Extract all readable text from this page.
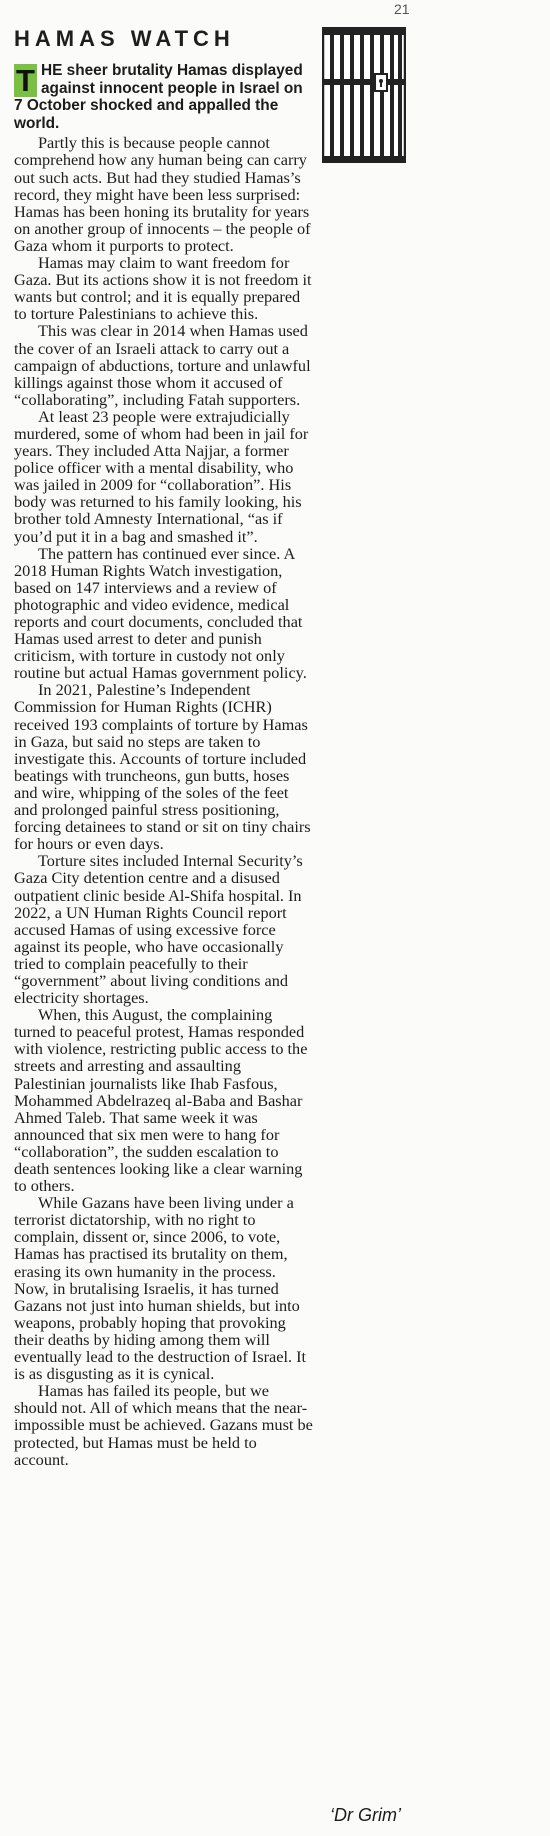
21
HAMAS WATCH
T HE sheer brutality Hamas displayed against innocent people in Israel on 7 October shocked and appalled the world.

Partly this is because people cannot comprehend how any human being can carry out such acts. But had they studied Hamas’s record, they might have been less surprised: Hamas has been honing its brutality for years on another group of innocents – the people of Gaza whom it purports to protect.

Hamas may claim to want freedom for Gaza. But its actions show it is not freedom it wants but control; and it is equally prepared to torture Palestinians to achieve this.

This was clear in 2014 when Hamas used the cover of an Israeli attack to carry out a campaign of abductions, torture and unlawful killings against those whom it accused of “collaborating”, including Fatah supporters.

At least 23 people were extrajudicially murdered, some of whom had been in jail for years. They included Atta Najjar, a former police officer with a mental disability, who was jailed in 2009 for “collaboration”. His body was returned to his family looking, his brother told Amnesty International, “as if you’d put it in a bag and smashed it”.

The pattern has continued ever since. A 2018 Human Rights Watch investigation, based on 147 interviews and a review of photographic and video evidence, medical reports and court documents, concluded that Hamas used arrest to deter and punish criticism, with torture in custody not only routine but actual Hamas government policy.

In 2021, Palestine’s Independent Commission for Human Rights (ICHR) received 193 complaints of torture by Hamas in Gaza, but said no steps are taken to investigate this. Accounts of torture included beatings with truncheons, gun butts, hoses and wire, whipping of the soles of the feet and prolonged painful stress positioning, forcing detainees to stand or sit on tiny chairs for hours or even days.

Torture sites included Internal Security’s Gaza City detention centre and a disused outpatient clinic beside Al-Shifa hospital. In 2022, a UN Human Rights Council report accused Hamas of using excessive force against its people, who have occasionally tried to complain peacefully to their “government” about living conditions and electricity shortages.

When, this August, the complaining turned to peaceful protest, Hamas responded with violence, restricting public access to the streets and arresting and assaulting Palestinian journalists like Ihab Fasfous, Mohammed Abdelrazeq al-Baba and Bashar Ahmed Taleb. That same week it was announced that six men were to hang for “collaboration”, the sudden escalation to death sentences looking like a clear warning to others.

While Gazans have been living under a terrorist dictatorship, with no right to complain, dissent or, since 2006, to vote, Hamas has practised its brutality on them, erasing its own humanity in the process. Now, in brutalising Israelis, it has turned Gazans not just into human shields, but into weapons, probably hoping that provoking their deaths by hiding among them will eventually lead to the destruction of Israel. It is as disgusting as it is cynical.

Hamas has failed its people, but we should not. All of which means that the near-impossible must be achieved. Gazans must be protected, but Hamas must be held to account.

‘Dr Grim’
